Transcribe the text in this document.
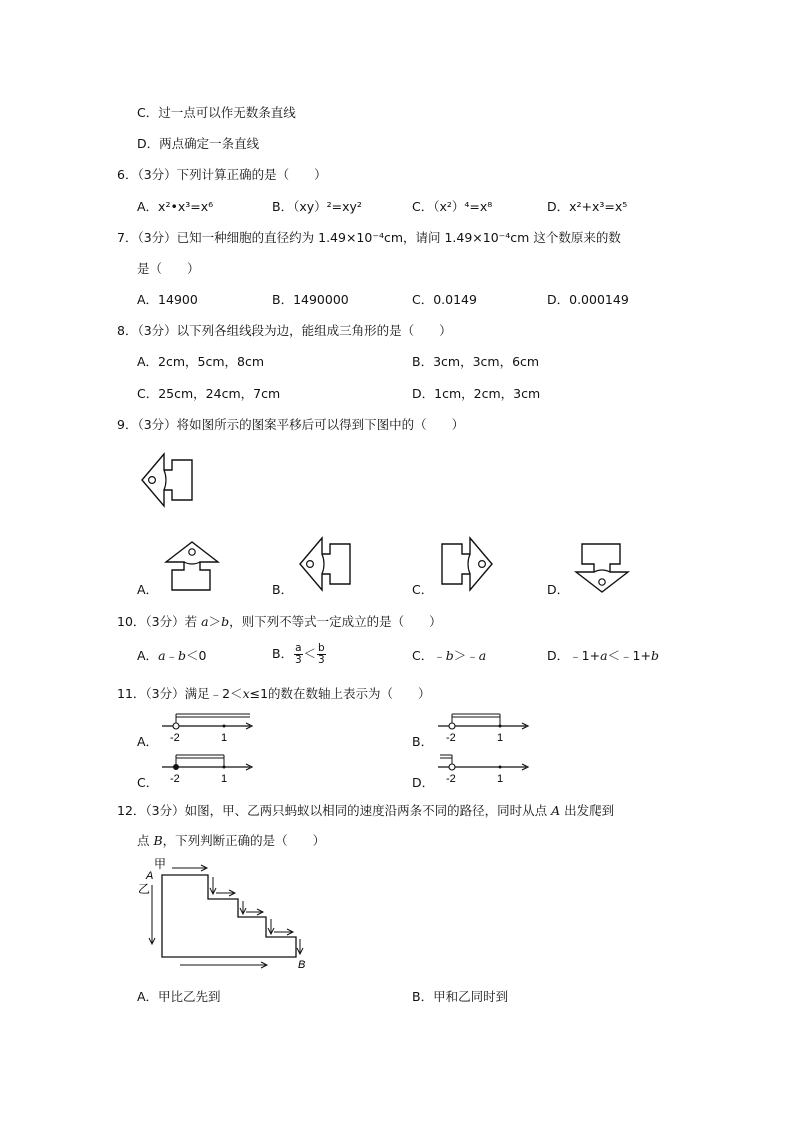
C．过一点可以作无数条直线
D．两点确定一条直线
6．（3分）下列计算正确的是（　　）
A．x²•x³=x⁶	B．（xy）²=xy²	C．（x²）⁴=x⁸	D．x²+x³=x⁵
7．（3分）已知一种细胞的直径约为 1.49×10⁻⁴cm，请问 1.49×10⁻⁴cm 这个数原来的数
是（　　）
A．14900	B．1490000	C．0.0149	D．0.000149
8．（3分）以下列各组线段为边，能组成三角形的是（　　）
A．2cm，5cm，8cm	B．3cm，3cm，6cm
C．25cm，24cm，7cm	D．1cm，2cm，3cm
9．（3分）将如图所示的图案平移后可以得到下图中的（　　）
A．	B．	C．	D．
10．（3分）若 a＞b，则下列不等式一定成立的是（　　）
A．a﹣b＜0	B． $\frac{a}{3} < \frac{b}{3}$	C．﹣b＞﹣a	D．﹣1+a＜﹣1+b
11．（3分）满足﹣2＜x≤1的数在数轴上表示为（　　）
A． -2	1	B． -2	1
C． -2	1	D． -2	1
12．（3分）如图，甲、乙两只蚂蚁以相同的速度沿两条不同的路径，同时从点 A 出发爬到
点 B，下列判断正确的是（　　）
甲
A
乙
B
A．甲比乙先到	B．甲和乙同时到
